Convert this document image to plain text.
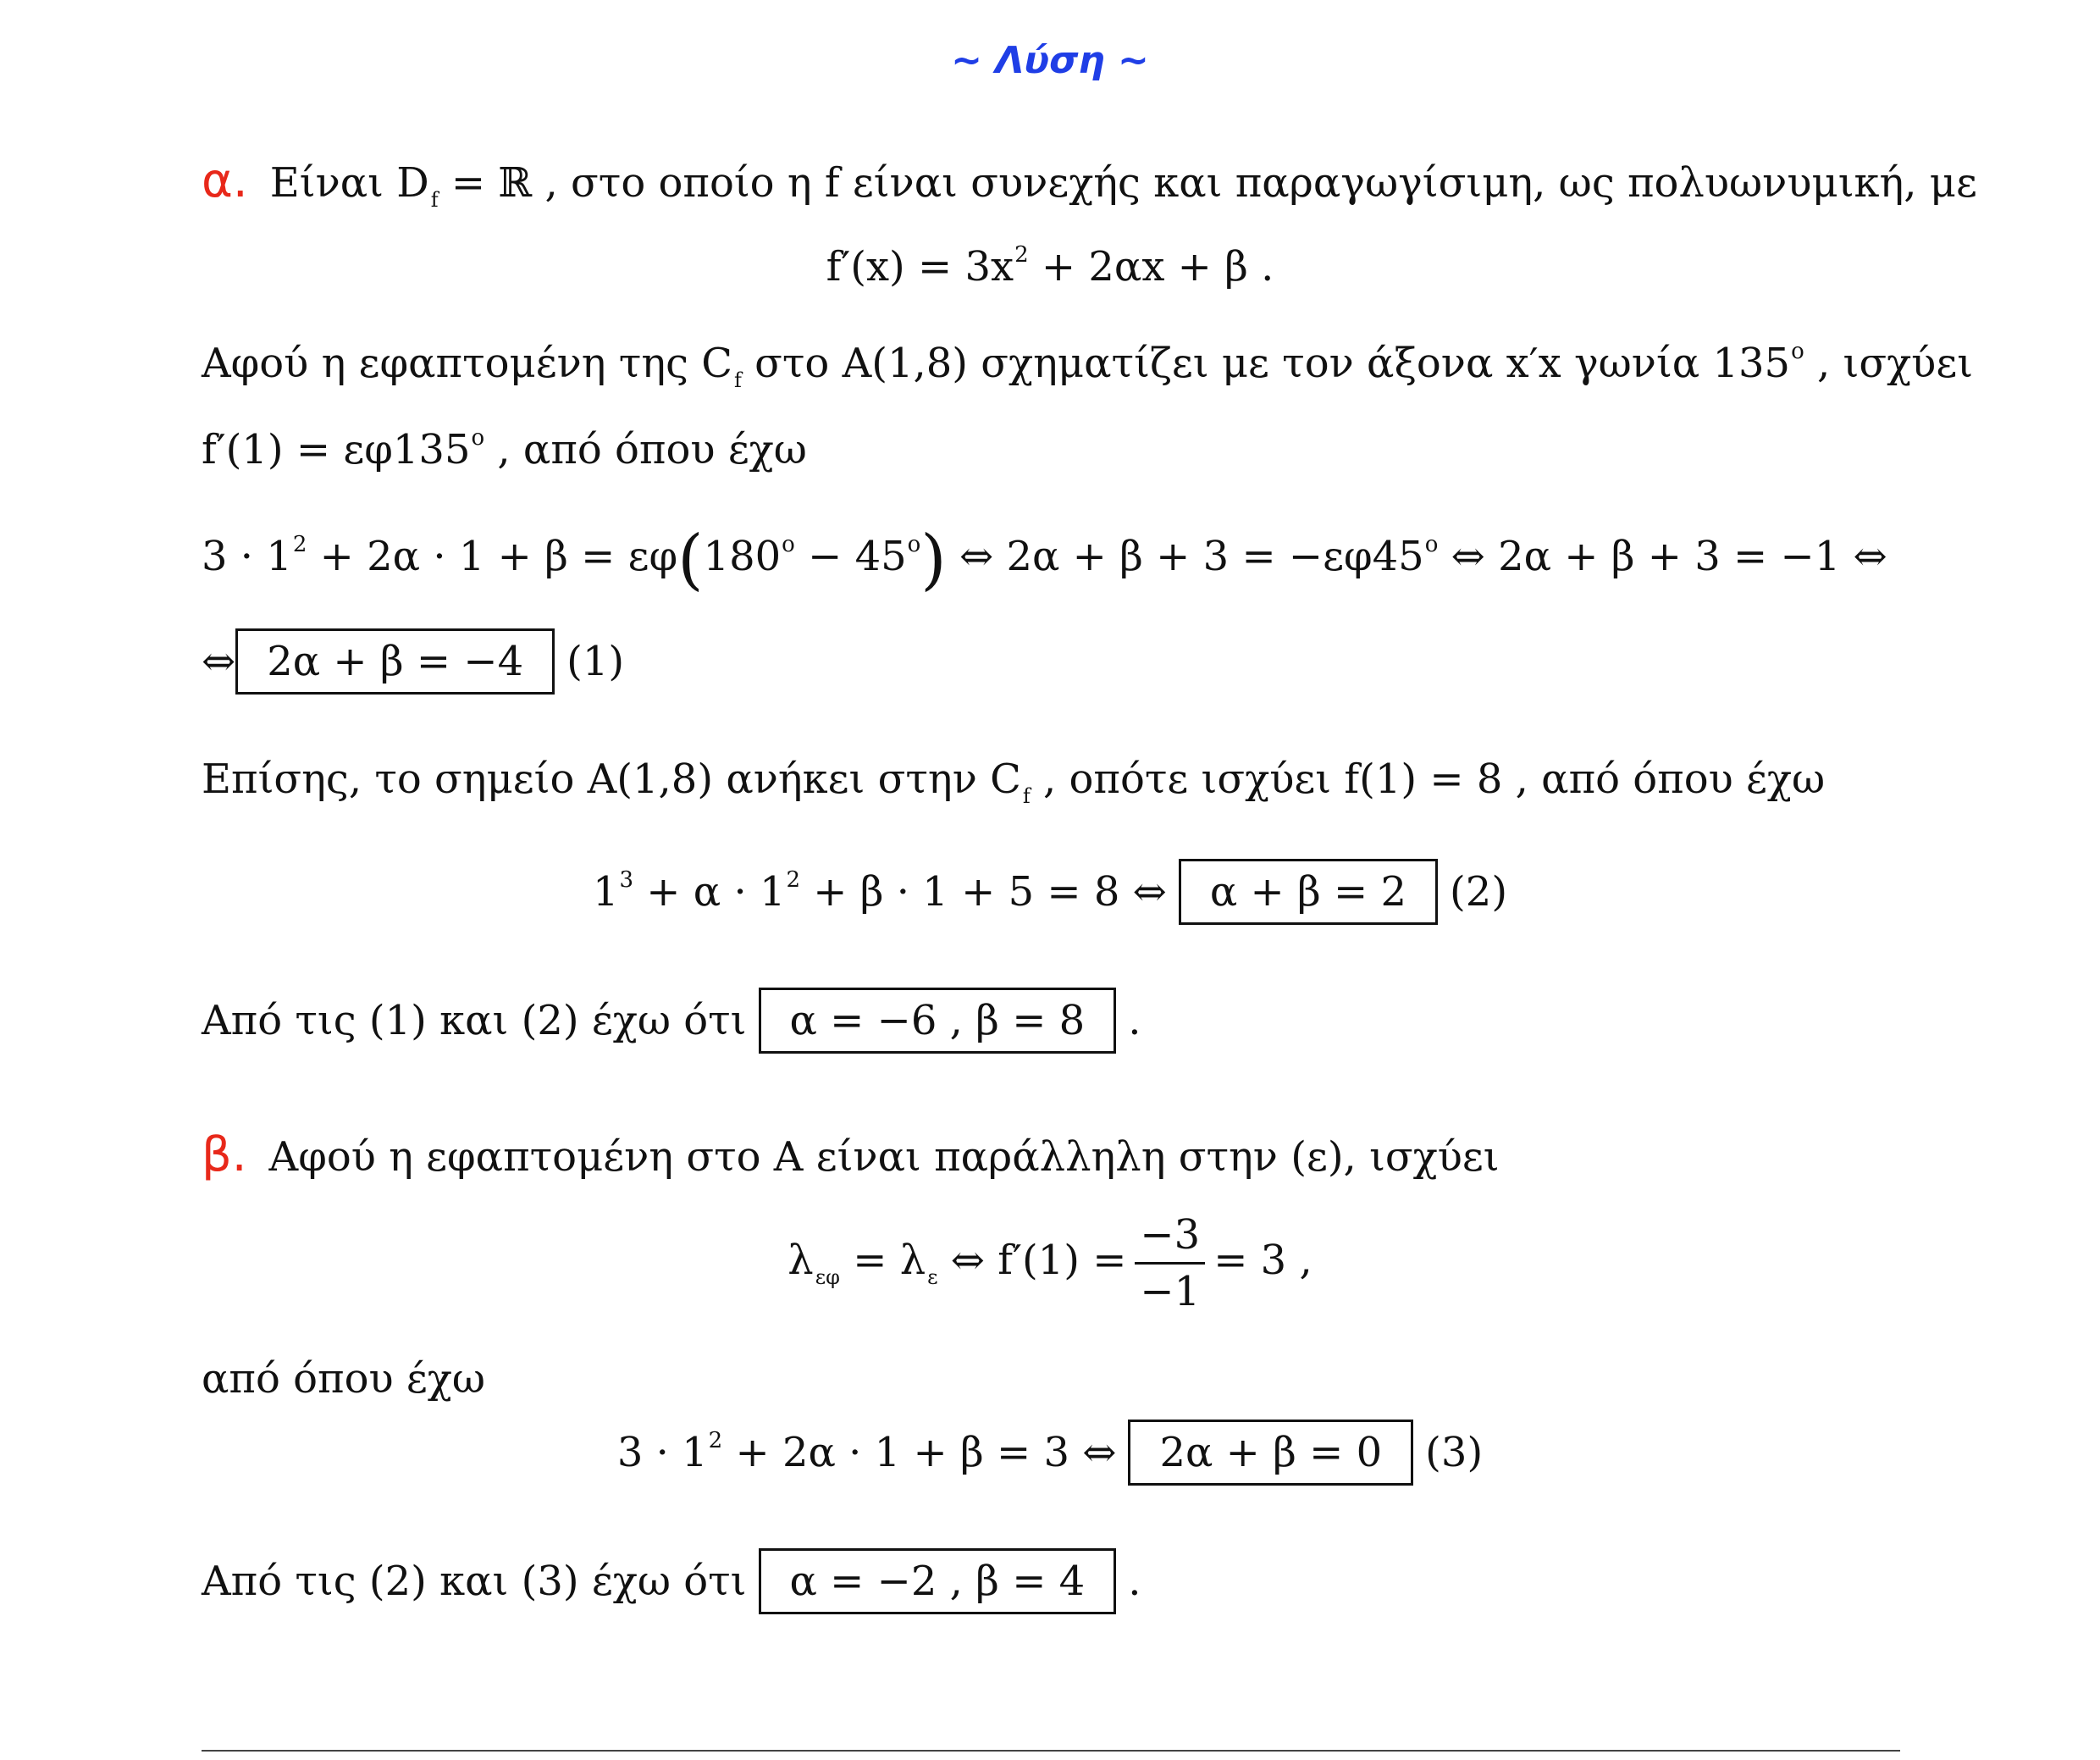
~ Λύση ~
α. Είναι $D_f$ = ℝ , στο οποίο η f είναι συνεχής και παραγωγίσιμη, ως πολυωνυμική, με
$f'(x) = 3x^2 + 2\alpha x + \beta$ .
Αφού η εφαπτομένη της $C_f$ στο A(1,8) σχηματίζει με τον άξονα x′x γωνία 135$^o$ , ισχύει
$f'(1) = \varepsilon\varphi 135^o$ , από όπου έχω
$3 \cdot 1^2 + 2\alpha \cdot 1 + \beta = \varepsilon\varphi(180^o - 45^o)$ ⇔ $2\alpha + \beta + 3 = -\varepsilon\varphi 45^o$ ⇔ 2α + β + 3 = −1 ⇔
⇔ 2α + β = −4 (1)
Επίσης, το σημείο A(1,8) ανήκει στην $C_f$ , οπότε ισχύει f(1) = 8 , από όπου έχω
$1^3 + \alpha \cdot 1^2 + \beta \cdot 1 + 5 = 8$ ⇔ α + β = 2 (2)
Από τις (1) και (2) έχω ότι α = −6 , β = 8 .
β. Αφού η εφαπτομένη στο Α είναι παράλληλη στην (ε), ισχύει
$\lambda_{\varepsilon\varphi} = \lambda_\varepsilon$ ⇔ $f'(1) = \frac{-3}{-1} = 3$ ,
από όπου έχω
$3 \cdot 1^2 + 2\alpha \cdot 1 + \beta = 3$ ⇔ 2α + β = 0 (3)
Από τις (2) και (3) έχω ότι α = −2 , β = 4 .
